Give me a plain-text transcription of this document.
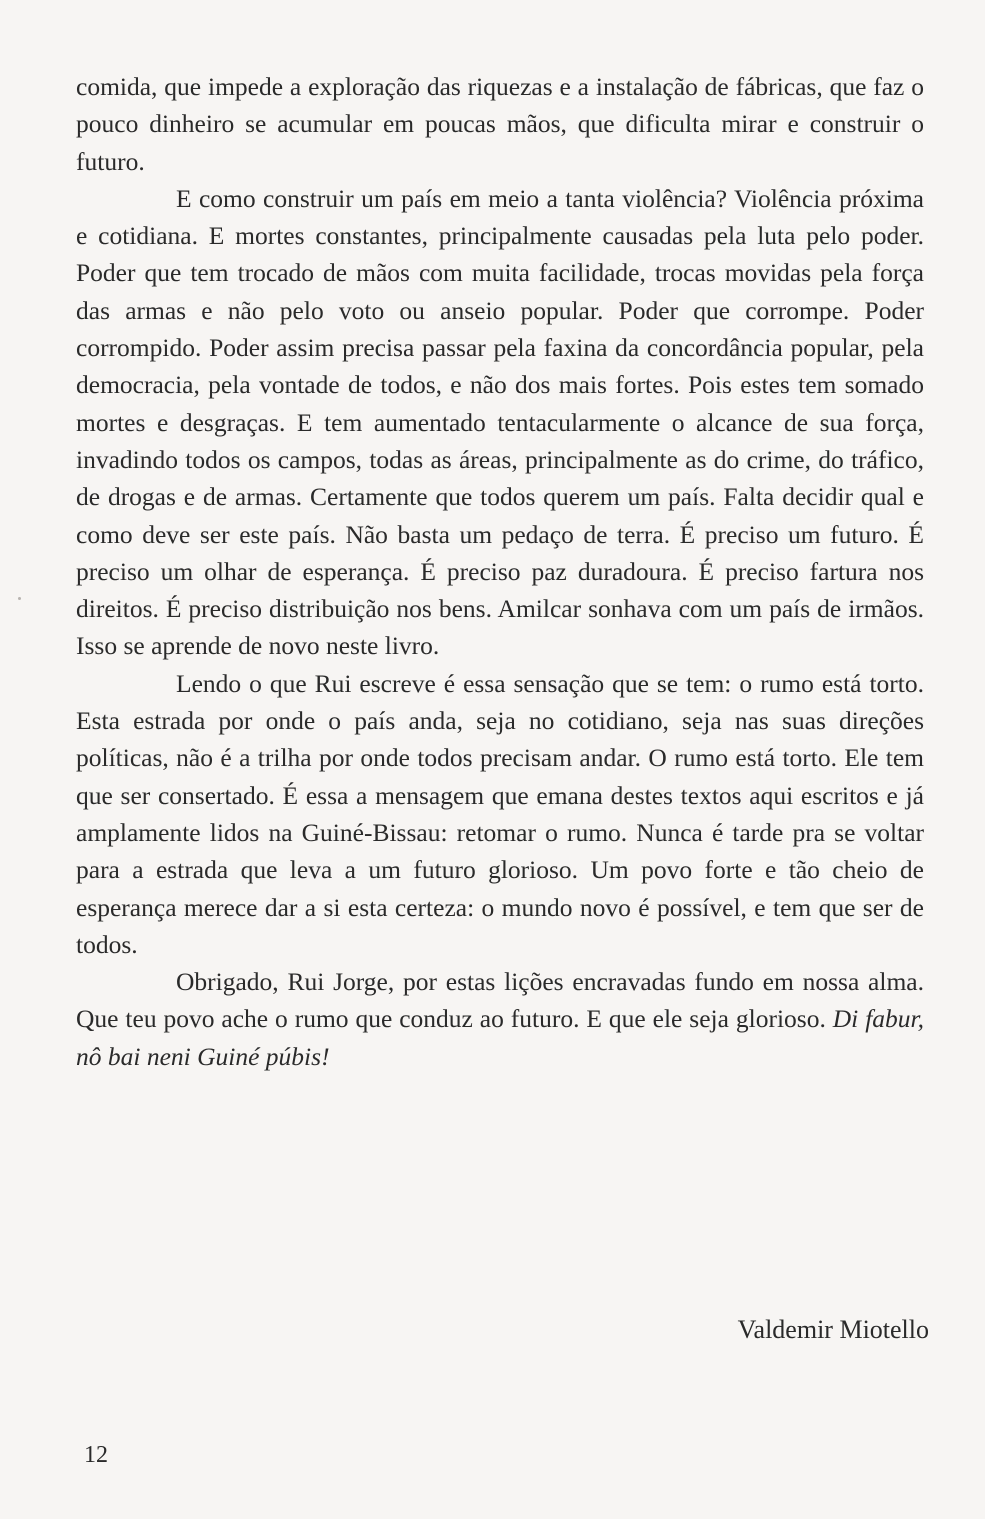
comida, que impede a exploração das riquezas e a instalação de fábricas, que faz o pouco dinheiro se acumular em poucas mãos, que dificulta mirar e construir o futuro.

E como construir um país em meio a tanta violência? Violência próxima e cotidiana. E mortes constantes, principalmente causadas pela luta pelo poder. Poder que tem trocado de mãos com muita facilidade, trocas movidas pela força das armas e não pelo voto ou anseio popular. Poder que corrompe. Poder corrompido. Poder assim precisa passar pela faxina da concordância popular, pela democracia, pela vontade de todos, e não dos mais fortes. Pois estes tem somado mortes e desgraças. E tem aumentado tentacularmente o alcance de sua força, invadindo todos os campos, todas as áreas, principalmente as do crime, do tráfico, de drogas e de armas. Certamente que todos querem um país. Falta decidir qual e como deve ser este país. Não basta um pedaço de terra. É preciso um futuro. É preciso um olhar de esperança. É preciso paz duradoura. É preciso fartura nos direitos. É preciso distribuição nos bens. Amilcar sonhava com um país de irmãos. Isso se aprende de novo neste livro.

Lendo o que Rui escreve é essa sensação que se tem: o rumo está torto. Esta estrada por onde o país anda, seja no cotidiano, seja nas suas direções políticas, não é a trilha por onde todos precisam andar. O rumo está torto. Ele tem que ser consertado. É essa a mensagem que emana destes textos aqui escritos e já amplamente lidos na Guiné-Bissau: retomar o rumo. Nunca é tarde pra se voltar para a estrada que leva a um futuro glorioso. Um povo forte e tão cheio de esperança merece dar a si esta certeza: o mundo novo é possível, e tem que ser de todos.

Obrigado, Rui Jorge, por estas lições encravadas fundo em nossa alma. Que teu povo ache o rumo que conduz ao futuro. E que ele seja glorioso. Di fabur, nô bai neni Guiné púbis!

Valdemir Miotello
12
